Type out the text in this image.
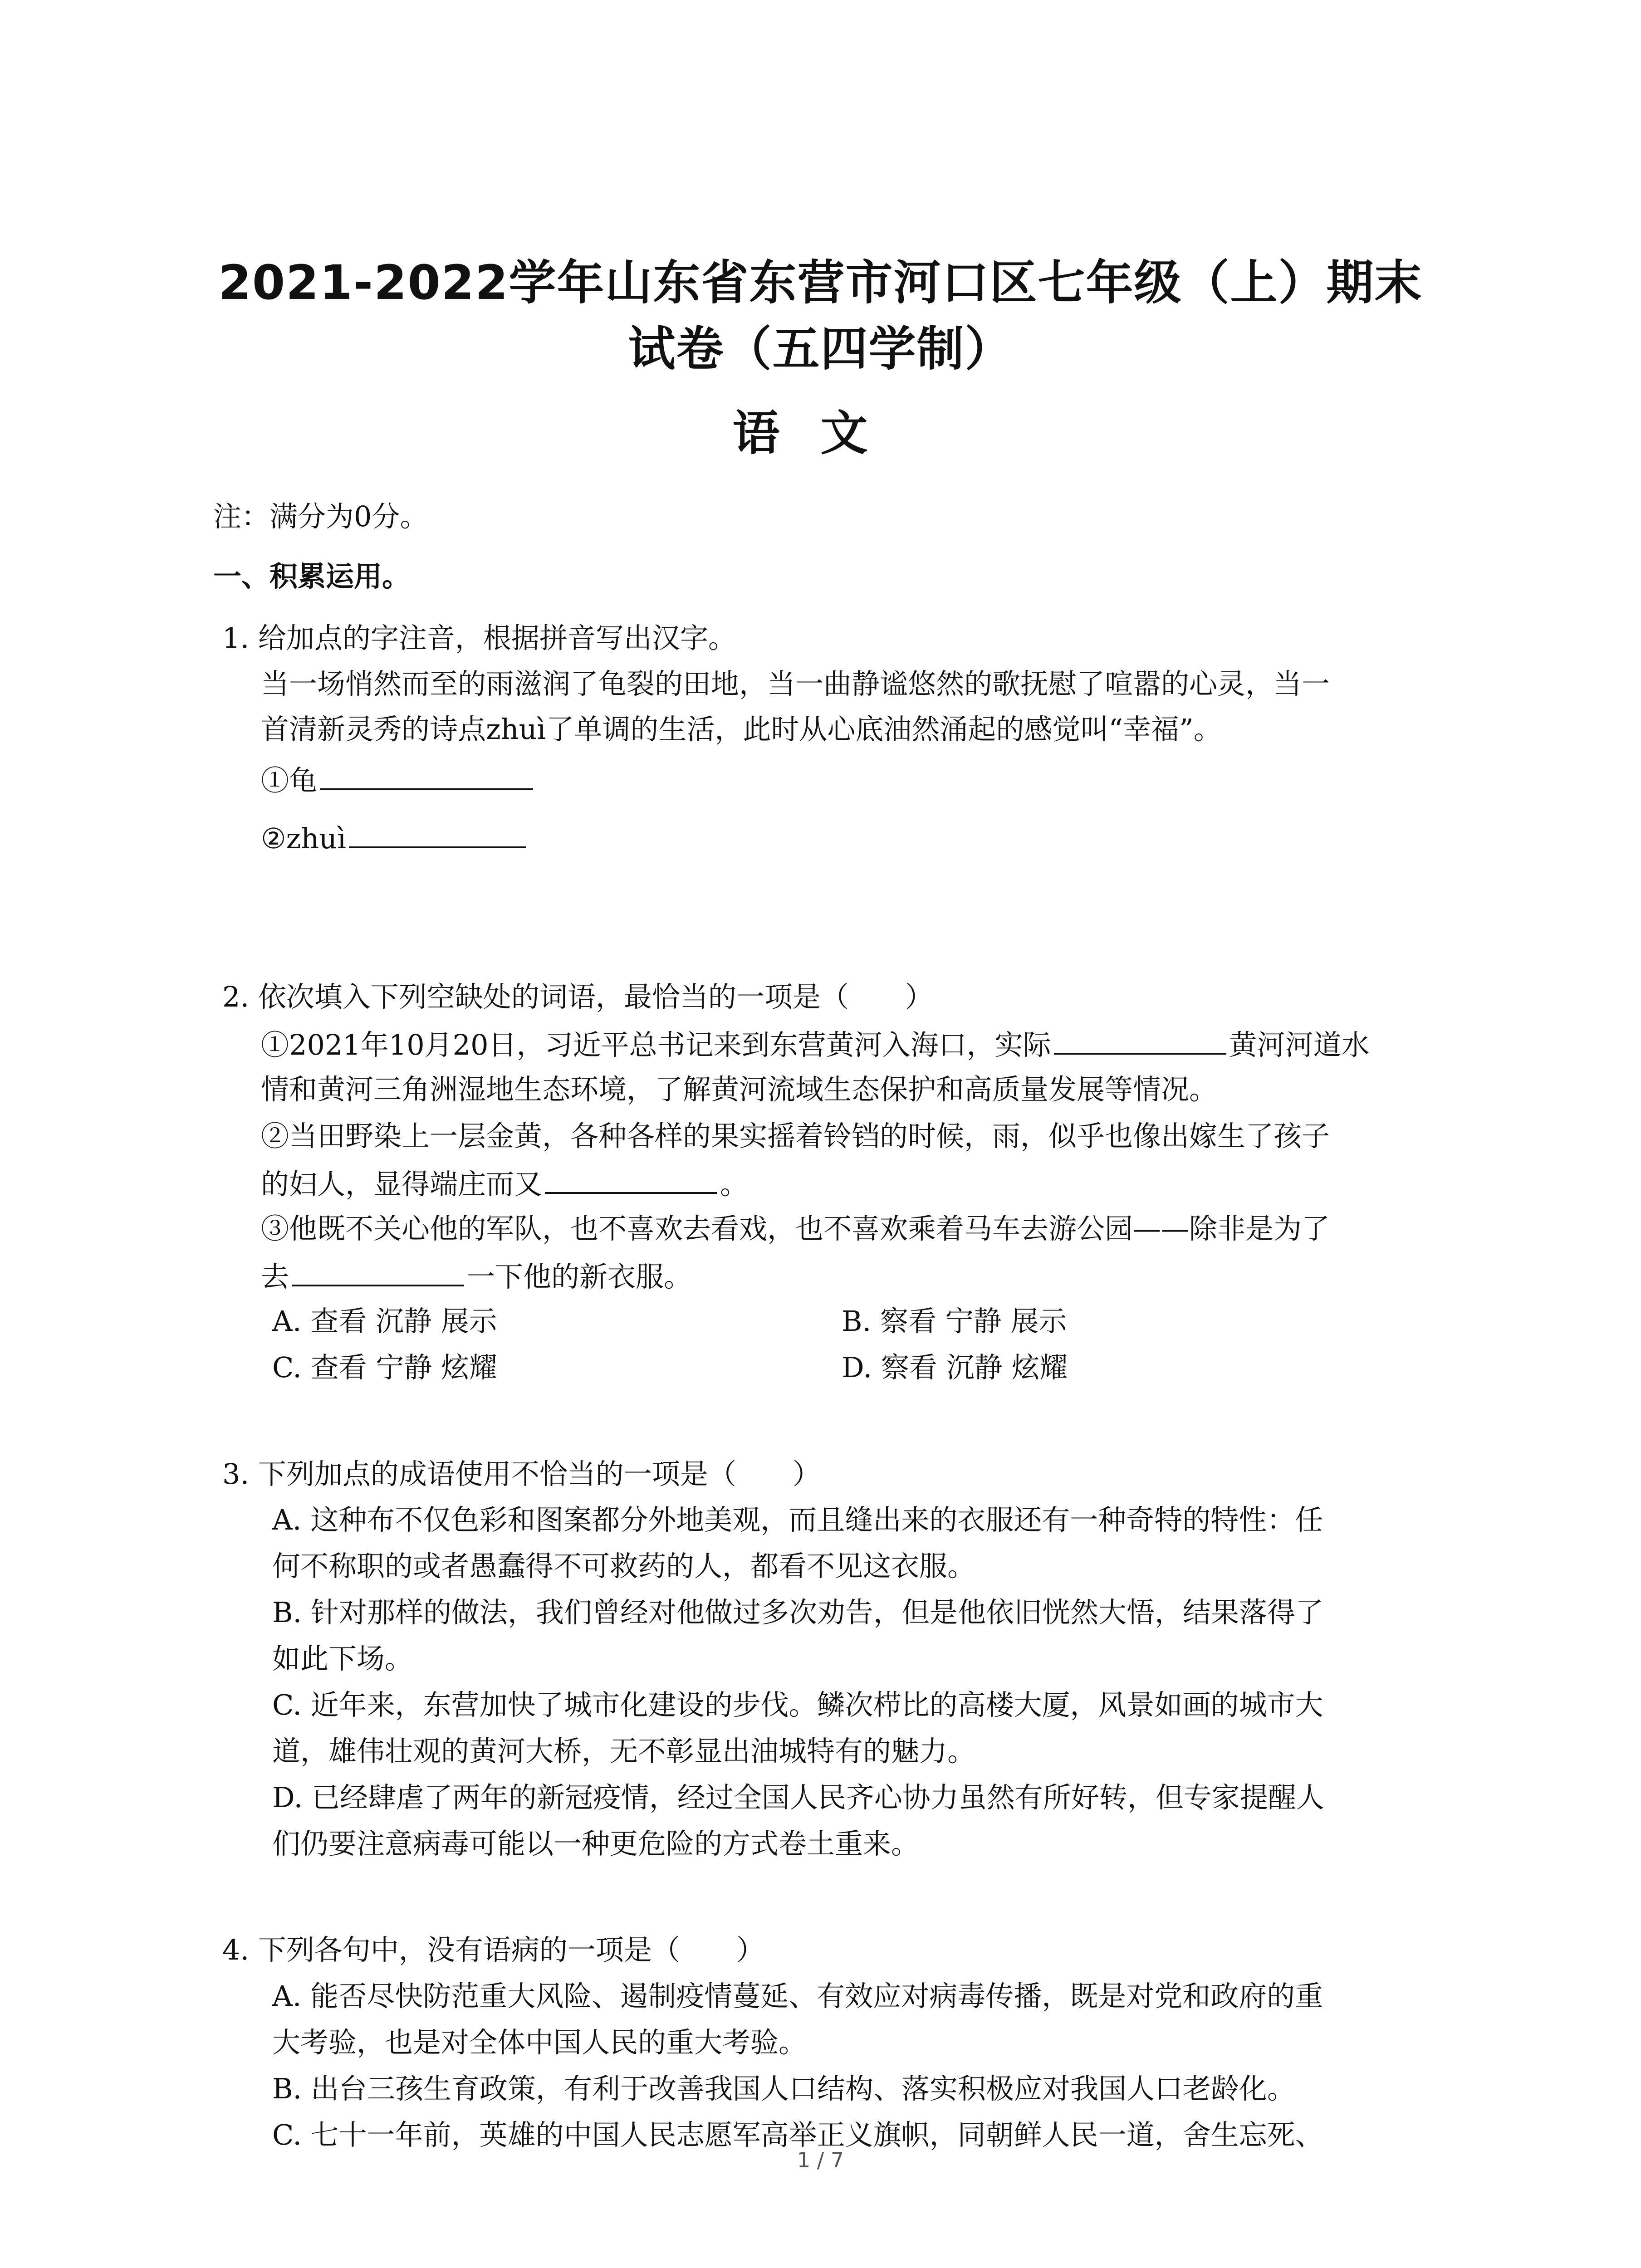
2021-2022学年山东省东营市河口区七年级（上）期末
试卷（五四学制）
语文
注：满分为0分。
一、积累运用。
1. 给加点的字注音，根据拼音写出汉字。
当一场悄然而至的雨滋润了龟裂的田地，当一曲静谧悠然的歌抚慰了喧嚣的心灵，当一
首清新灵秀的诗点zhuì了单调的生活，此时从心底油然涌起的感觉叫“幸福”。
①龟
②zhuì
2. 依次填入下列空缺处的词语，最恰当的一项是（　　）
①2021年10月20日，习近平总书记来到东营黄河入海口，实际	黄河河道水
情和黄河三角洲湿地生态环境，了解黄河流域生态保护和高质量发展等情况。
②当田野染上一层金黄，各种各样的果实摇着铃铛的时候，雨，似乎也像出嫁生了孩子
的妇人，显得端庄而又	。
③他既不关心他的军队，也不喜欢去看戏，也不喜欢乘着马车去游公园——除非是为了
去	一下他的新衣服。
A. 查看 沉静 展示	B. 察看 宁静 展示
C. 查看 宁静 炫耀	D. 察看 沉静 炫耀
3. 下列加点的成语使用不恰当的一项是（　　）
A. 这种布不仅色彩和图案都分外地美观，而且缝出来的衣服还有一种奇特的特性：任
何不称职的或者愚蠢得不可救药的人，都看不见这衣服。
B. 针对那样的做法，我们曾经对他做过多次劝告，但是他依旧恍然大悟，结果落得了
如此下场。
C. 近年来，东营加快了城市化建设的步伐。鳞次栉比的高楼大厦，风景如画的城市大
道，雄伟壮观的黄河大桥，无不彰显出油城特有的魅力。
D. 已经肆虐了两年的新冠疫情，经过全国人民齐心协力虽然有所好转，但专家提醒人
们仍要注意病毒可能以一种更危险的方式卷土重来。
4. 下列各句中，没有语病的一项是（　　）
A. 能否尽快防范重大风险、遏制疫情蔓延、有效应对病毒传播，既是对党和政府的重
大考验，也是对全体中国人民的重大考验。
B. 出台三孩生育政策，有利于改善我国人口结构、落实积极应对我国人口老龄化。
C. 七十一年前，英雄的中国人民志愿军高举正义旗帜，同朝鲜人民一道，舍生忘死、
1 / 7
